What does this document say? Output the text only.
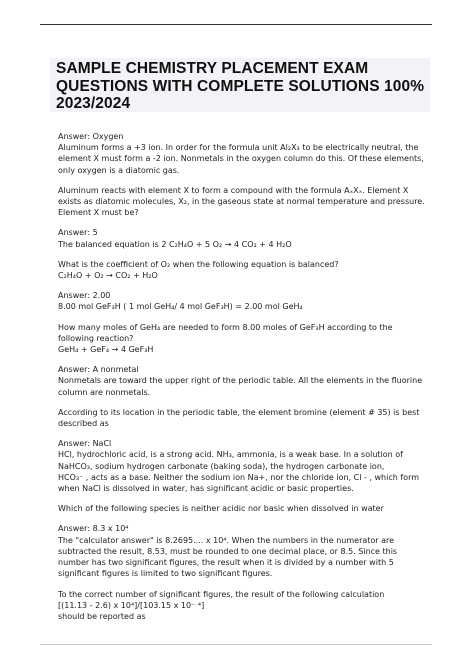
SAMPLE CHEMISTRY PLACEMENT EXAM QUESTIONS WITH COMPLETE SOLUTIONS 100% 2023/2024

Answer: Oxygen

Aluminum forms a +3 ion. In order for the formula unit Al₂X₃ to be electrically neutral, the element X must form a -2 ion. Nonmetals in the oxygen column do this. Of these elements, only oxygen is a diatomic gas.

Aluminum reacts with element X to form a compound with the formula AₓXₓ. Element X exists as diatomic molecules, X₂, in the gaseous state at normal temperature and pressure. Element X must be?

Answer: 5

The balanced equation is 2 C₂H₄O + 5 O₂ → 4 CO₂ + 4 H₂O

What is the coefficient of O₂ when the following equation is balanced?

C₂H₄O + O₂ → CO₂ + H₂O

Answer: 2.00

8.00 mol GeF₃H ( 1 mol GeH₄/ 4 mol GeF₃H) = 2.00 mol GeH₄

How many moles of GeH₄ are needed to form 8.00 moles of GeF₃H according to the following reaction?

GeH₄ + GeF₄ → 4 GeF₃H

Answer: A nonmetal

Nonmetals are toward the upper right of the periodic table. All the elements in the fluorine column are nonmetals.

According to its location in the periodic table, the element bromine (element # 35) is best described as

Answer: NaCl

HCl, hydrochloric acid, is a strong acid. NH₃, ammonia, is a weak base. In a solution of NaHCO₃, sodium hydrogen carbonate (baking soda), the hydrogen carbonate ion,

HCO₃⁻ , acts as a base. Neither the sodium ion Na+, nor the chloride ion, Cl - , which form when NaCl is dissolved in water, has significant acidic or basic properties.

Which of the following species is neither acidic nor basic when dissolved in water

Answer: 8.3 x 10⁴

The "calculator answer" is 8.2695.... x 10⁴. When the numbers in the numerator are subtracted the result, 8.53, must be rounded to one decimal place, or 8.5. Since this number has two significant figures, the result when it is divided by a number with 5 significant figures is limited to two significant figures.

To the correct number of significant figures, the result of the following calculation

[(11.13 - 2.6) x 10⁴]/[103.15 x 10⁻ ⁴]

should be reported as
